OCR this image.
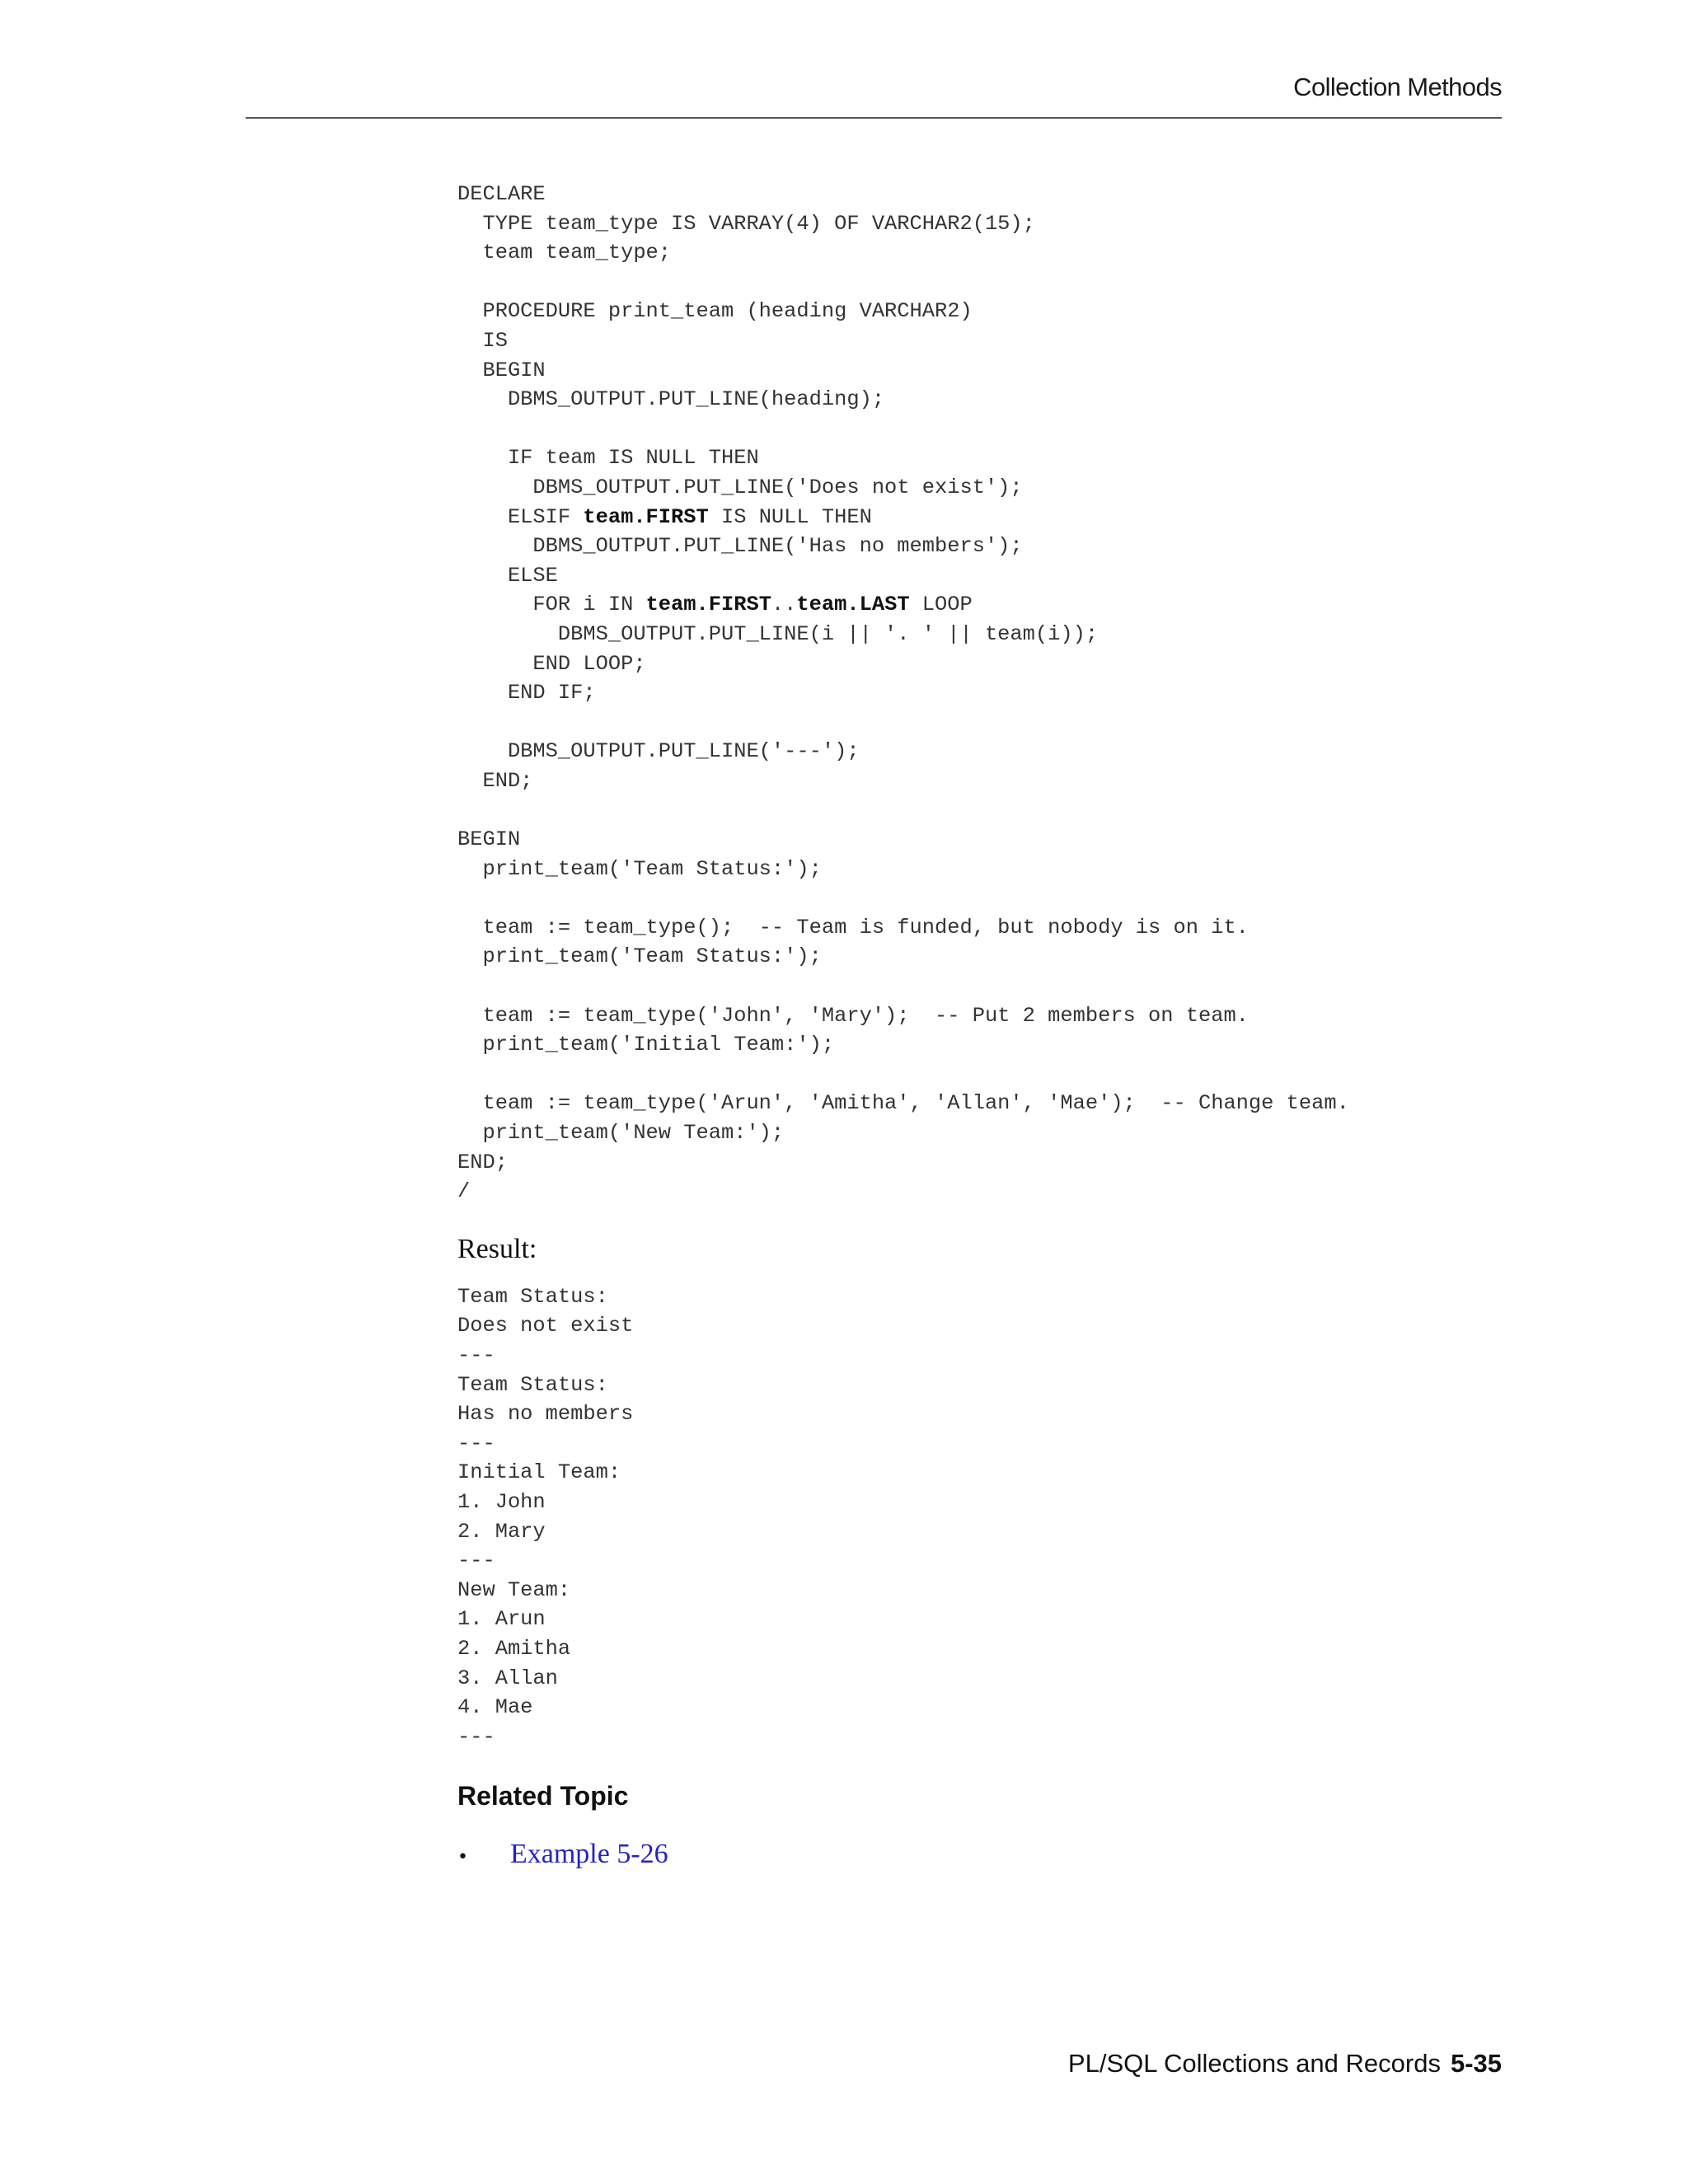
Collection Methods
DECLARE
TYPE team_type IS VARRAY(4) OF VARCHAR2(15);
team team_type;

PROCEDURE print_team (heading VARCHAR2)
IS
BEGIN
DBMS_OUTPUT.PUT_LINE(heading);

IF team IS NULL THEN
DBMS_OUTPUT.PUT_LINE('Does not exist');
ELSIF team.FIRST IS NULL THEN
DBMS_OUTPUT.PUT_LINE('Has no members');
ELSE
FOR i IN team.FIRST..team.LAST LOOP
DBMS_OUTPUT.PUT_LINE(i || '. ' || team(i));
END LOOP;
END IF;

DBMS_OUTPUT.PUT_LINE('---');
END;

BEGIN
print_team('Team Status:');

team := team_type();  -- Team is funded, but nobody is on it.
print_team('Team Status:');

team := team_type('John', 'Mary');  -- Put 2 members on team.
print_team('Initial Team:');

team := team_type('Arun', 'Amitha', 'Allan', 'Mae');  -- Change team.
print_team('New Team:');
END;
/

Result:
Team Status:
Does not exist
---
Team Status:
Has no members
---
Initial Team:
1. John
2. Mary
---
New Team:
1. Arun
2. Amitha
3. Allan
4. Mae
---

Related Topic
•	Example 5-26
PL/SQL Collections and Records 5-35
